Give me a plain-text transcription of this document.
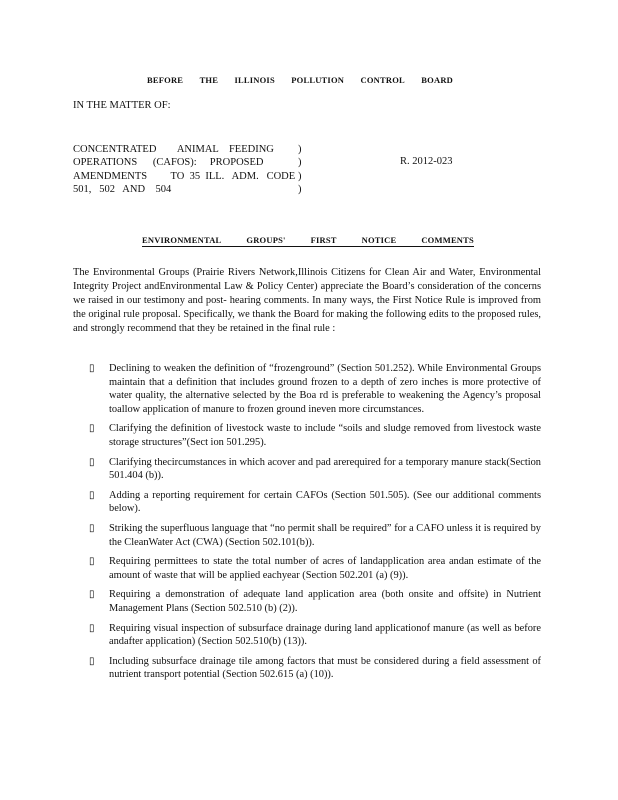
BEFORE THE ILLINOIS POLLUTION CONTROL BOARD
IN THE MATTER OF:
CONCENTRATED        ANIMAL    FEEDING
OPERATIONS      (CAFOS):     PROPOSED
AMENDMENTS         TO  35  ILL.   ADM.   CODE
501,   502   AND    504
)
)
)
)
R. 2012-023
ENVIRONMENTAL	GROUPS'	FIRST	NOTICE	COMMENTS
The Environmental Groups (Prairie Rivers Network,Illinois Citizens for Clean Air and Water, Environmental Integrity Project andEnvironmental Law & Policy Center) appreciate the Board’s consideration of the concerns we raised in our testimony and post- hearing comments. In many ways, the First Notice Rule is improved from the original rule proposal. Specifically, we thank the Board for making the following edits to the proposed rules, and strongly recommend that they be retained in the final rule :
▯	Declining to weaken the definition of “frozenground” (Section 501.252). While Environmental Groups maintain that a definition that includes ground frozen to a depth of zero inches is more protective of water quality, the alternative selected by the Boa rd is preferable to weakening the Agency’s proposal toallow application of manure to frozen ground ineven more circumstances.
▯	Clarifying the definition of livestock waste to include “soils and sludge removed from livestock waste storage structures”(Sect ion 501.295).
▯	Clarifying thecircumstances in which acover and pad arerequired for a temporary manure stack(Section 501.404 (b)).
▯	Adding a reporting requirement for certain CAFOs (Section 501.505). (See our additional comments below).
▯	Striking the superfluous language that “no permit shall be required” for a CAFO unless it is required by the CleanWater Act (CWA) (Section 502.101(b)).
▯	Requiring permittees to state the total number of acres of landapplication area andan estimate of the amount of waste that will be applied eachyear (Section 502.201 (a) (9)).
▯	Requiring a demonstration of adequate land application area (both onsite and offsite) in Nutrient Management Plans (Section 502.510 (b) (2)).
▯	Requiring visual inspection of subsurface drainage during land applicationof manure (as well as before andafter application) (Section 502.510(b) (13)).
▯	Including subsurface drainage tile among factors that must be considered during a field assessment of nutrient transport potential (Section 502.615 (a) (10)).
